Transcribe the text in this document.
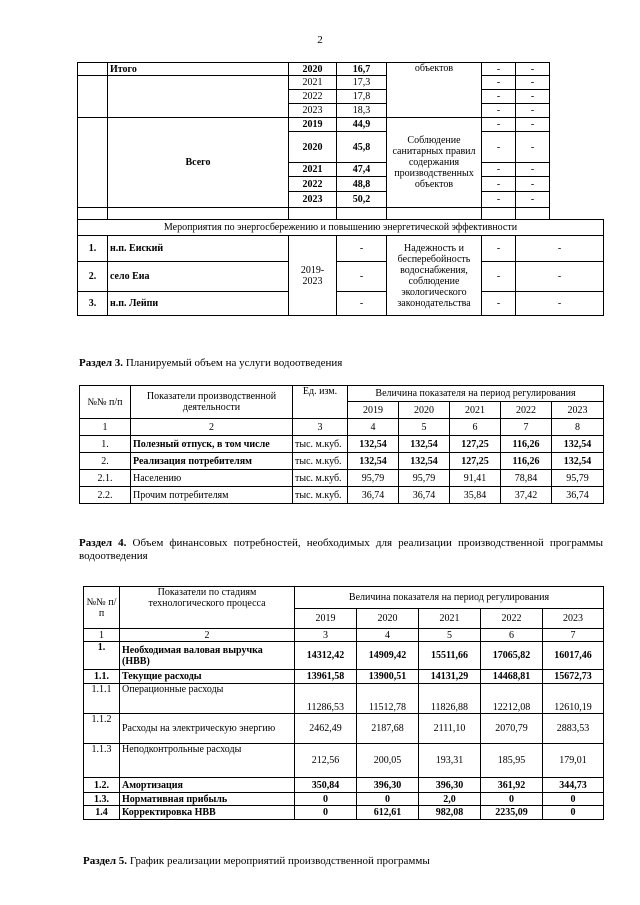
2
	Итого	2020	16,7	объектов	-	-	
		2021	17,3		-	-	
		2022	17,8		-	-	
		2023	18,3		-	-	
	Всего	2019	44,9	Соблюдение санитарных правил содержания производственных объектов	-	-	
		2020	45,8		-	-	
		2021	47,4		-	-	
		2022	48,8		-	-	
		2023	50,2		-	-	

Мероприятия по энергосбережению и повышению энергетической эффективности							
1.	н.п. Еиский	2019-2023	-	Надежность и бесперебойность водоснабжения, соблюдение экологического законодательства	-	-	
2.	село Еиа		-		-	-	
3.	н.п. Лейпи		-		-	-	
Раздел 3. Планируемый объем на услуги водоотведения
№№ п/п	Показатели производственной деятельности	Ед. изм.	Величина показателя на период регулирования				
			2019	2020	2021	2022	2023
1	2	3	4	5	6	7	8
1.	Полезный отпуск, в том числе	тыс. м.куб.	132,54	132,54	127,25	116,26	132,54
2.	Реализация потребителям	тыс. м.куб.	132,54	132,54	127,25	116,26	132,54
2.1.	Населению	тыс. м.куб.	95,79	95,79	91,41	78,84	95,79
2.2.	Прочим потребителям	тыс. м.куб.	36,74	36,74	35,84	37,42	36,74
Раздел 4. Объем финансовых потребностей, необходимых для реализации производственной программы водоотведения
№№ п/п	Показатели по стадиям технологического процесса	Величина показателя на период регулирования				
		2019	2020	2021	2022	2023
1	2	3	4	5	6	7
1.	Необходимая валовая выручка (НВВ)	14312,42	14909,42	15511,66	17065,82	16017,46
1.1.	Текущие расходы	13961,58	13900,51	14131,29	14468,81	15672,73
1.1.1	Операционные расходы	11286,53	11512,78	11826,88	12212,08	12610,19
1.1.2	Расходы на электрическую энергию	2462,49	2187,68	2111,10	2070,79	2883,53
1.1.3	Неподконтрольные расходы	212,56	200,05	193,31	185,95	179,01
1.2.	Амортизация	350,84	396,30	396,30	361,92	344,73
1.3.	Нормативная прибыль	0	0	2,0	0	0
1.4	Корректировка НВВ	0	612,61	982,08	2235,09	0
Раздел 5. График реализации мероприятий производственной программы
